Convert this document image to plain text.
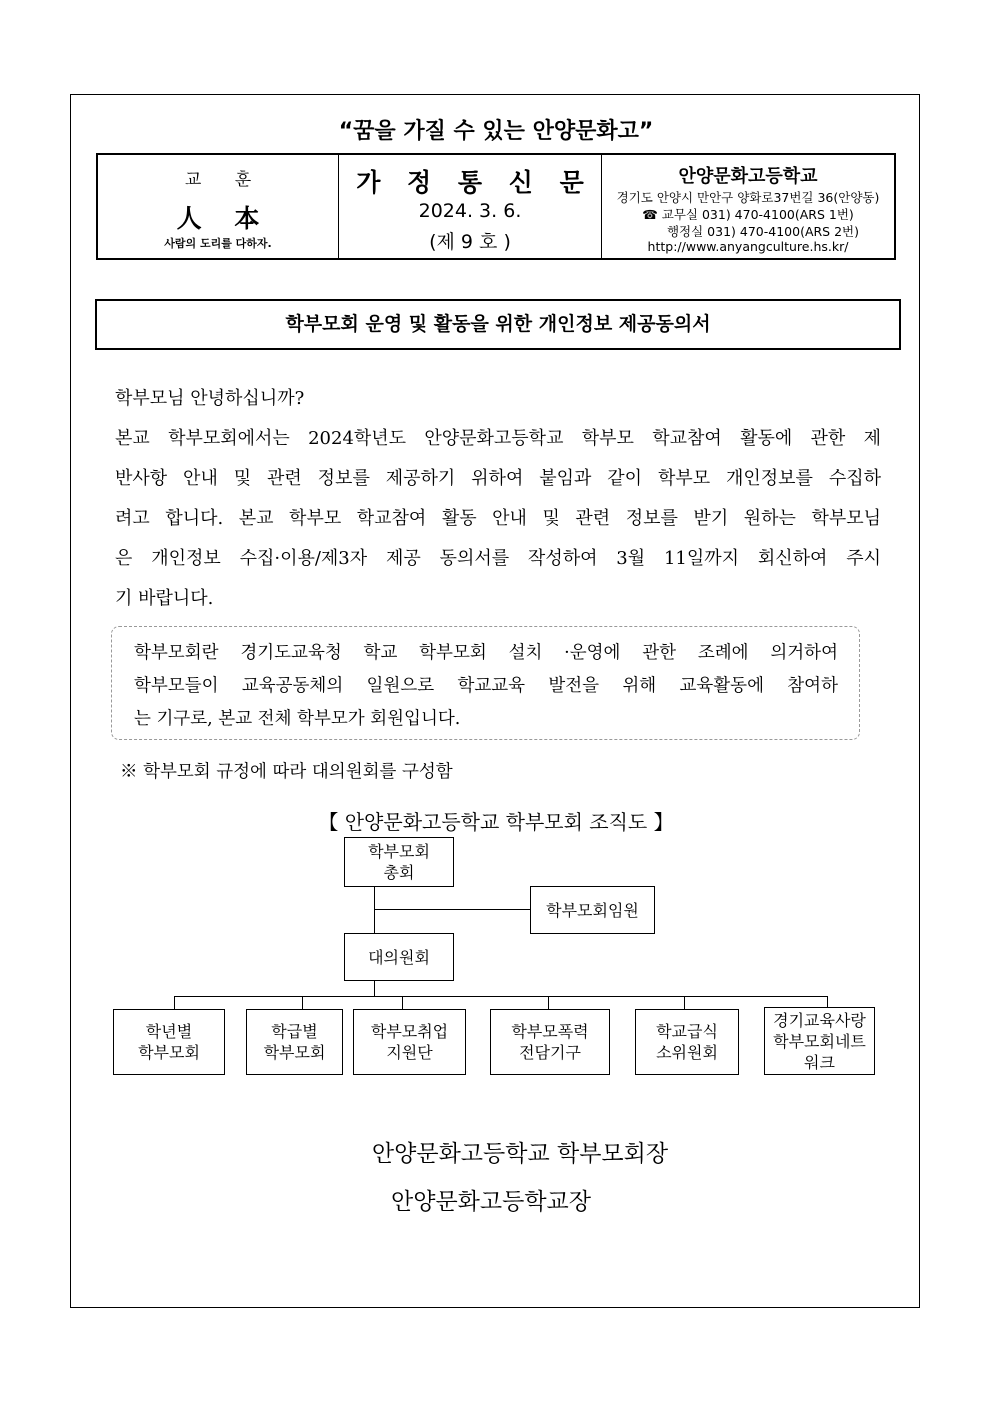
“꿈을 가질 수 있는 안양문화고”
교 훈
人 本
사람의 도리를 다하자.
가 정 통 신 문
2024. 3. 6.
(제 9 호 )
안양문화고등학교
경기도 안양시 만안구 양화로37번길 36(안양동)
☎ 교무실 031) 470-4100(ARS 1번)
행정실 031) 470-4100(ARS 2번)
http://www.anyangculture.hs.kr/
학부모회 운영 및 활동을 위한 개인정보 제공동의서
학부모님 안녕하십니까?
본교 학부모회에서는 2024학년도 안양문화고등학교 학부모 학교참여 활동에 관한 제
반사항 안내 및 관련 정보를 제공하기 위하여 붙임과 같이 학부모 개인정보를 수집하
려고 합니다. 본교 학부모 학교참여 활동 안내 및 관련 정보를 받기 원하는 학부모님
은 개인정보 수집·이용/제3자 제공 동의서를 작성하여 3월 11일까지 회신하여 주시
기 바랍니다.
학부모회란 경기도교육청 학교 학부모회 설치 ·운영에 관한 조례에 의거하여
학부모들이 교육공동체의 일원으로 학교교육 발전을 위해 교육활동에 참여하
는 기구로, 본교 전체 학부모가 회원입니다.
※ 학부모회 규정에 따라 대의원회를 구성함
【 안양문화고등학교 학부모회 조직도 】
학부모회
총회
학부모회임원
대의원회
학년별
학부모회
학급별
학부모회
학부모취업
지원단
학부모폭력
전담기구
학교급식
소위원회
경기교육사랑
학부모회네트
워크
안양문화고등학교 학부모회장
안양문화고등학교장
